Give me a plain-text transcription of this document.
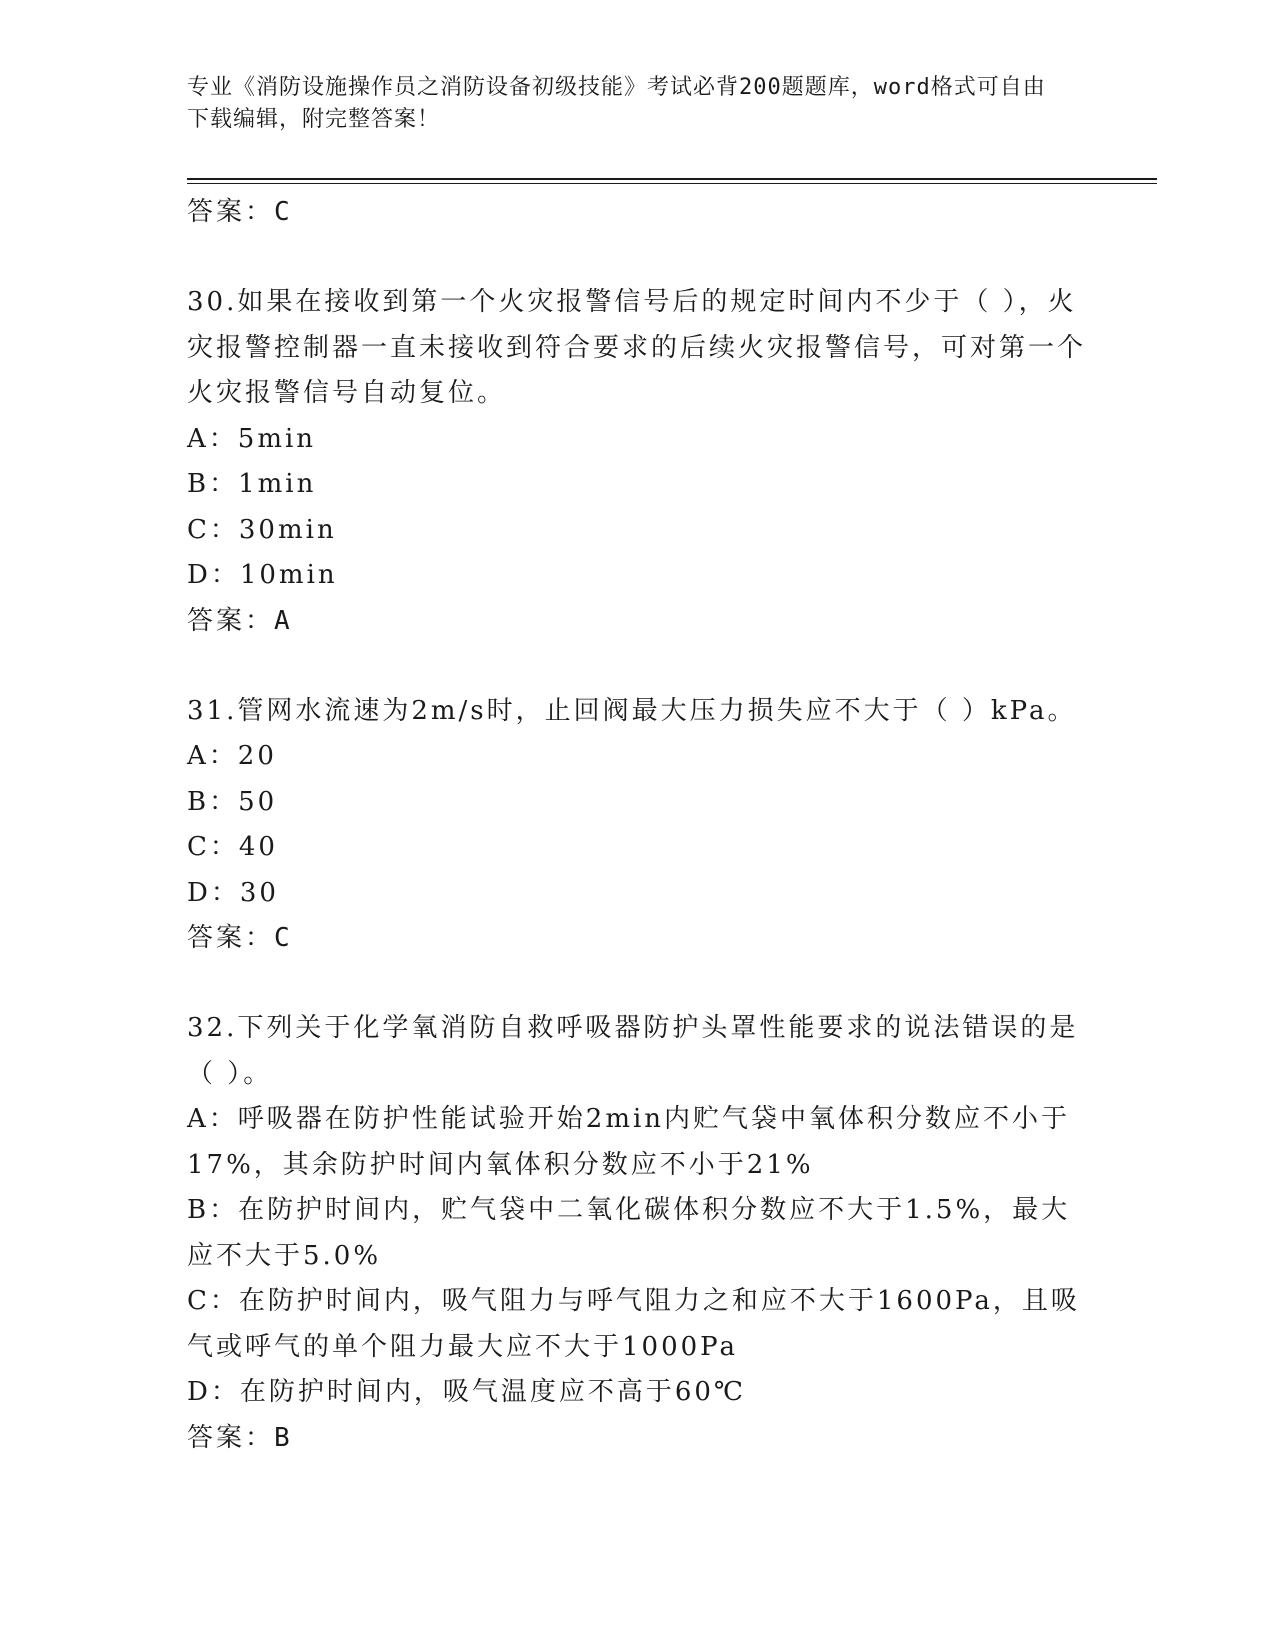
专业《消防设施操作员之消防设备初级技能》考试必背200题题库，word格式可自由下载编辑，附完整答案！

答案：C

30.如果在接收到第一个火灾报警信号后的规定时间内不少于（ ），火灾报警控制器一直未接收到符合要求的后续火灾报警信号，可对第一个火灾报警信号自动复位。

A：5min

B：1min

C：30min

D：10min

答案：A

31.管网水流速为2m/s时，止回阀最大压力损失应不大于（ ）kPa。

A：20

B：50

C：40

D：30

答案：C

32.下列关于化学氧消防自救呼吸器防护头罩性能要求的说法错误的是（ ）。

A：呼吸器在防护性能试验开始2min内贮气袋中氧体积分数应不小于17%，其余防护时间内氧体积分数应不小于21%

B：在防护时间内，贮气袋中二氧化碳体积分数应不大于1.5%，最大应不大于5.0%

C：在防护时间内，吸气阻力与呼气阻力之和应不大于1600Pa，且吸气或呼气的单个阻力最大应不大于1000Pa

D：在防护时间内，吸气温度应不高于60℃

答案：B
